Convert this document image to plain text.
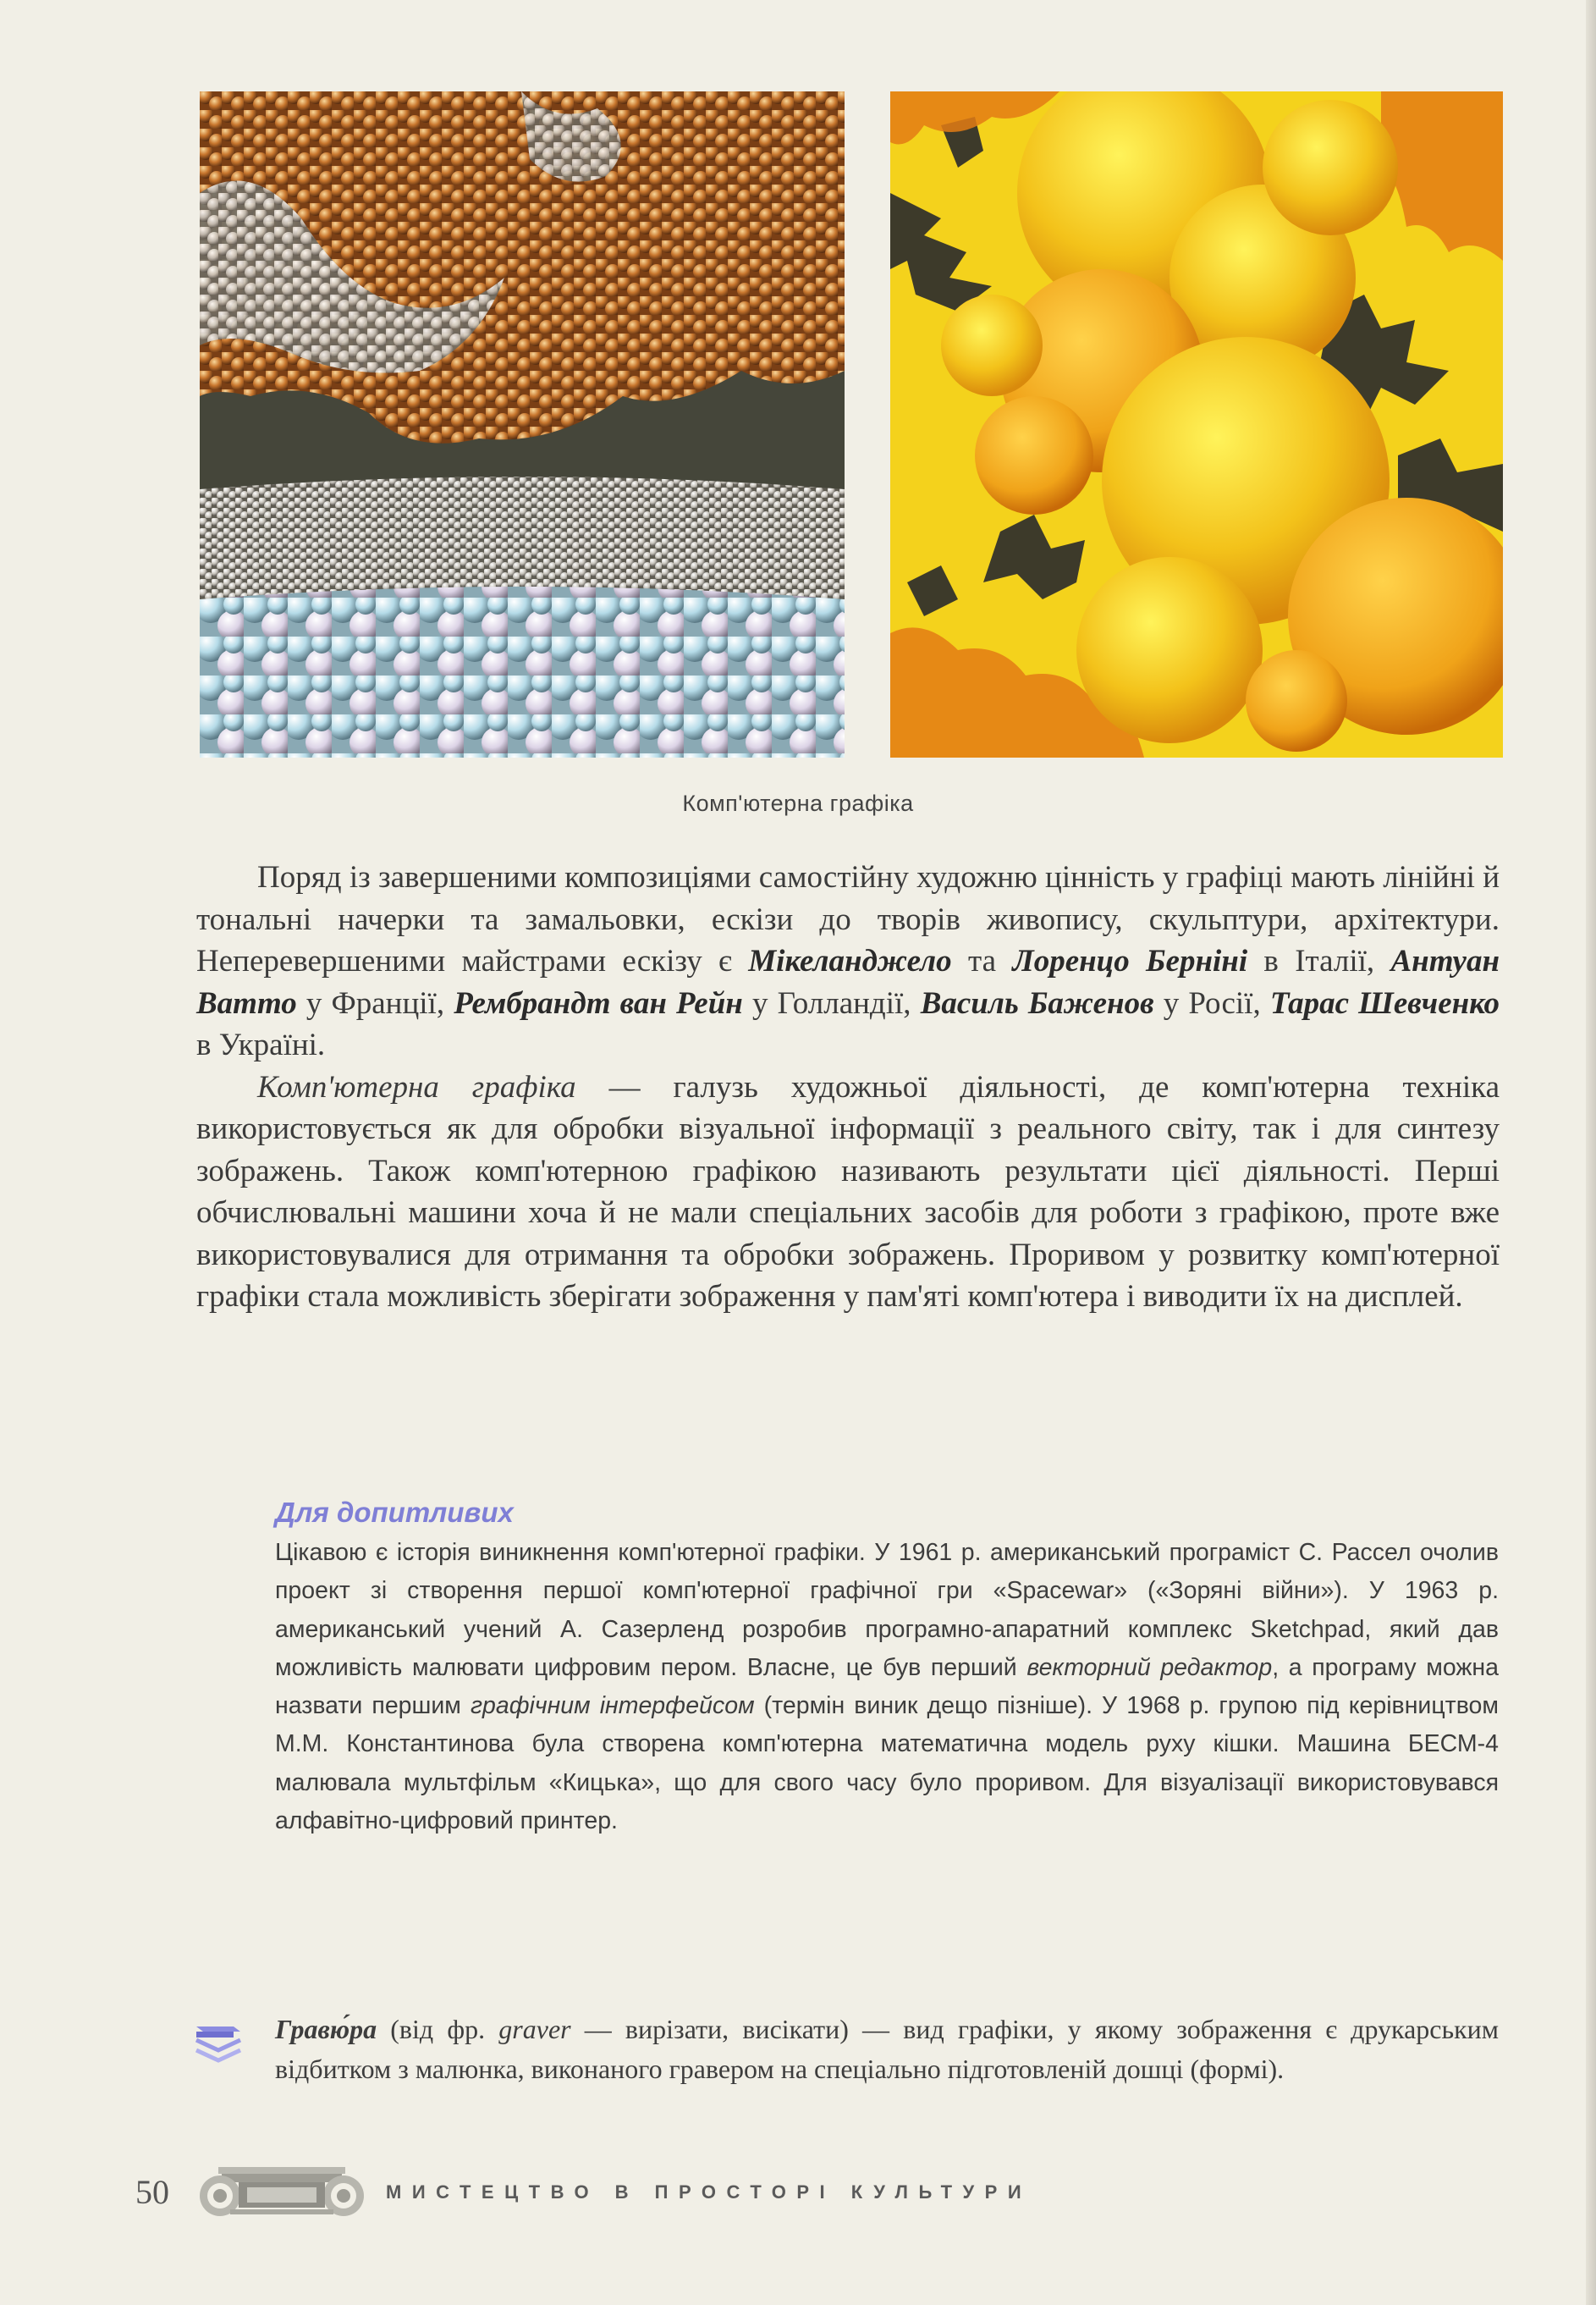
Комп'ютерна графіка

Поряд із завершеними композиціями самостійну художню цінність у графіці мають лінійні й тональні начерки та замальовки, ескізи до творів живопису, скульптури, архітектури. Неперевершеними майстрами ескізу є Мікеланджело та Лоренцо Берніні в Італії, Антуан Ватто у Франції, Рембрандт ван Рейн у Голландії, Василь Баженов у Росії, Тарас Шевченко в Україні.

Комп'ютерна графіка — галузь художньої діяльності, де комп'ютерна техніка використовується як для обробки візуальної інформації з реального світу, так і для синтезу зображень. Також комп'ютерною графікою називають результати цієї діяльності. Перші обчислювальні машини хоча й не мали спеціальних засобів для роботи з графікою, проте вже використовувалися для отримання та обробки зображень. Проривом у розвитку комп'ютерної графіки стала можливість зберігати зображення у пам'яті комп'ютера і виводити їх на дисплей.

Для допитливих
Цікавою є історія виникнення комп'ютерної графіки. У 1961 р. американський програміст С. Рассел очолив проект зі створення першої комп'ютерної графічної гри «Spacewar» («Зоряні війни»). У 1963 р. американський учений А. Сазерленд розробив програмно-апаратний комплекс Sketchpad, який дав можливість малювати цифровим пером. Власне, це був перший векторний редактор, а програму можна назвати першим графічним інтерфейсом (термін виник дещо пізніше). У 1968 р. групою під керівництвом М.М. Константинова була створена комп'ютерна математична модель руху кішки. Машина БЕСМ-4 малювала мультфільм «Кицька», що для свого часу було проривом. Для візуалізації використовувався алфавітно-цифровий принтер.
Гравю́ра (від фр. graver — вирізати, висікати) — вид графіки, у якому зображення є друкарським відбитком з малюнка, виконаного гравером на спеціально підготовленій дошці (формі).
50	МИСТЕЦТВО В ПРОСТОРІ КУЛЬТУРИ
